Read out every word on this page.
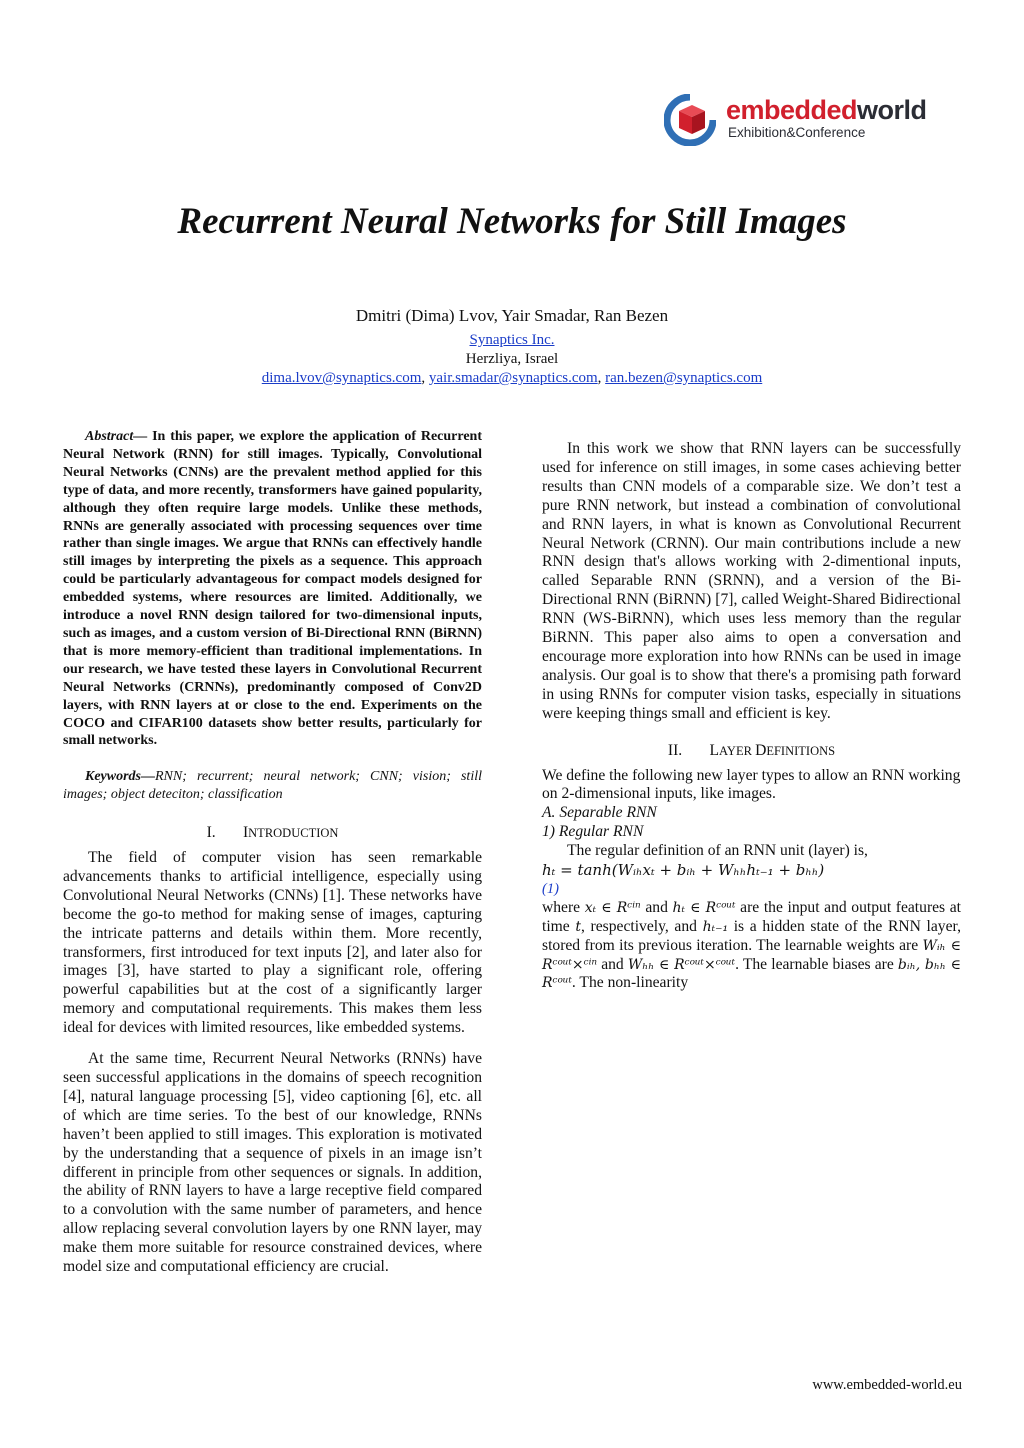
embeddedworld
Exhibition&Conference
Recurrent Neural Networks for Still Images
Dmitri (Dima) Lvov, Yair Smadar, Ran Bezen
Synaptics Inc.
Herzliya, Israel
dima.lvov@synaptics.com, yair.smadar@synaptics.com, ran.bezen@synaptics.com

Abstract— In this paper, we explore the application of Recurrent Neural Network (RNN) for still images. Typically, Convolutional Neural Networks (CNNs) are the prevalent method applied for this type of data, and more recently, transformers have gained popularity, although they often require large models. Unlike these methods, RNNs are generally associated with processing sequences over time rather than single images. We argue that RNNs can effectively handle still images by interpreting the pixels as a sequence. This approach could be particularly advantageous for compact models designed for embedded systems, where resources are limited. Additionally, we introduce a novel RNN design tailored for two-dimensional inputs, such as images, and a custom version of Bi-Directional RNN (BiRNN) that is more memory-efficient than traditional implementations. In our research, we have tested these layers in Convolutional Recurrent Neural Networks (CRNNs), predominantly composed of Conv2D layers, with RNN layers at or close to the end. Experiments on the COCO and CIFAR100 datasets show better results, particularly for small networks.

Keywords—RNN; recurrent; neural network; CNN; vision; still images; object deteciton; classification

I. INTRODUCTION

The field of computer vision has seen remarkable advancements thanks to artificial intelligence, especially using Convolutional Neural Networks (CNNs) [1]. These networks have become the go-to method for making sense of images, capturing the intricate patterns and details within them. More recently, transformers, first introduced for text inputs [2], and later also for images [3], have started to play a significant role, offering powerful capabilities but at the cost of a significantly larger memory and computational requirements. This makes them less ideal for devices with limited resources, like embedded systems.

At the same time, Recurrent Neural Networks (RNNs) have seen successful applications in the domains of speech recognition [4], natural language processing [5], video captioning [6], etc. all of which are time series. To the best of our knowledge, RNNs haven’t been applied to still images. This exploration is motivated by the understanding that a sequence of pixels in an image isn’t different in principle from other sequences or signals. In addition, the ability of RNN layers to have a large receptive field compared to a convolution with the same number of parameters, and hence allow replacing several convolution layers by one RNN layer, may make them more suitable for resource constrained devices, where model size and computational efficiency are crucial.

In this work we show that RNN layers can be successfully used for inference on still images, in some cases achieving better results than CNN models of a comparable size. We don’t test a pure RNN network, but instead a combination of convolutional and RNN layers, in what is known as Convolutional Recurrent Neural Network (CRNN). Our main contributions include a new RNN design that's allows working with 2-dimentional inputs, called Separable RNN (SRNN), and a version of the Bi-Directional RNN (BiRNN) [7], called Weight-Shared Bidirectional RNN (WS-BiRNN), which uses less memory than the regular BiRNN. This paper also aims to open a conversation and encourage more exploration into how RNNs can be used in image analysis. Our goal is to show that there's a promising path forward in using RNNs for computer vision tasks, especially in situations were keeping things small and efficient is key.

II. LAYER DEFINITIONS

We define the following new layer types to allow an RNN working on 2-dimensional inputs, like images.

A. Separable RNN

1) Regular RNN

The regular definition of an RNN unit (layer) is,

hₜ = tanh(Wᵢₕxₜ + bᵢₕ + Wₕₕhₜ₋₁ + bₕₕ)

(1)

where xₜ ∈ Rᶜⁱⁿ and hₜ ∈ Rᶜᵒᵘᵗ are the input and output features at time t, respectively, and hₜ₋₁ is a hidden state of the RNN layer, stored from its previous iteration. The learnable weights are Wᵢₕ ∈ Rᶜᵒᵘᵗ×ᶜⁱⁿ and Wₕₕ ∈ Rᶜᵒᵘᵗ×ᶜᵒᵘᵗ. The learnable biases are bᵢₕ, bₕₕ ∈ Rᶜᵒᵘᵗ. The non-linearity

www.embedded-world.eu
